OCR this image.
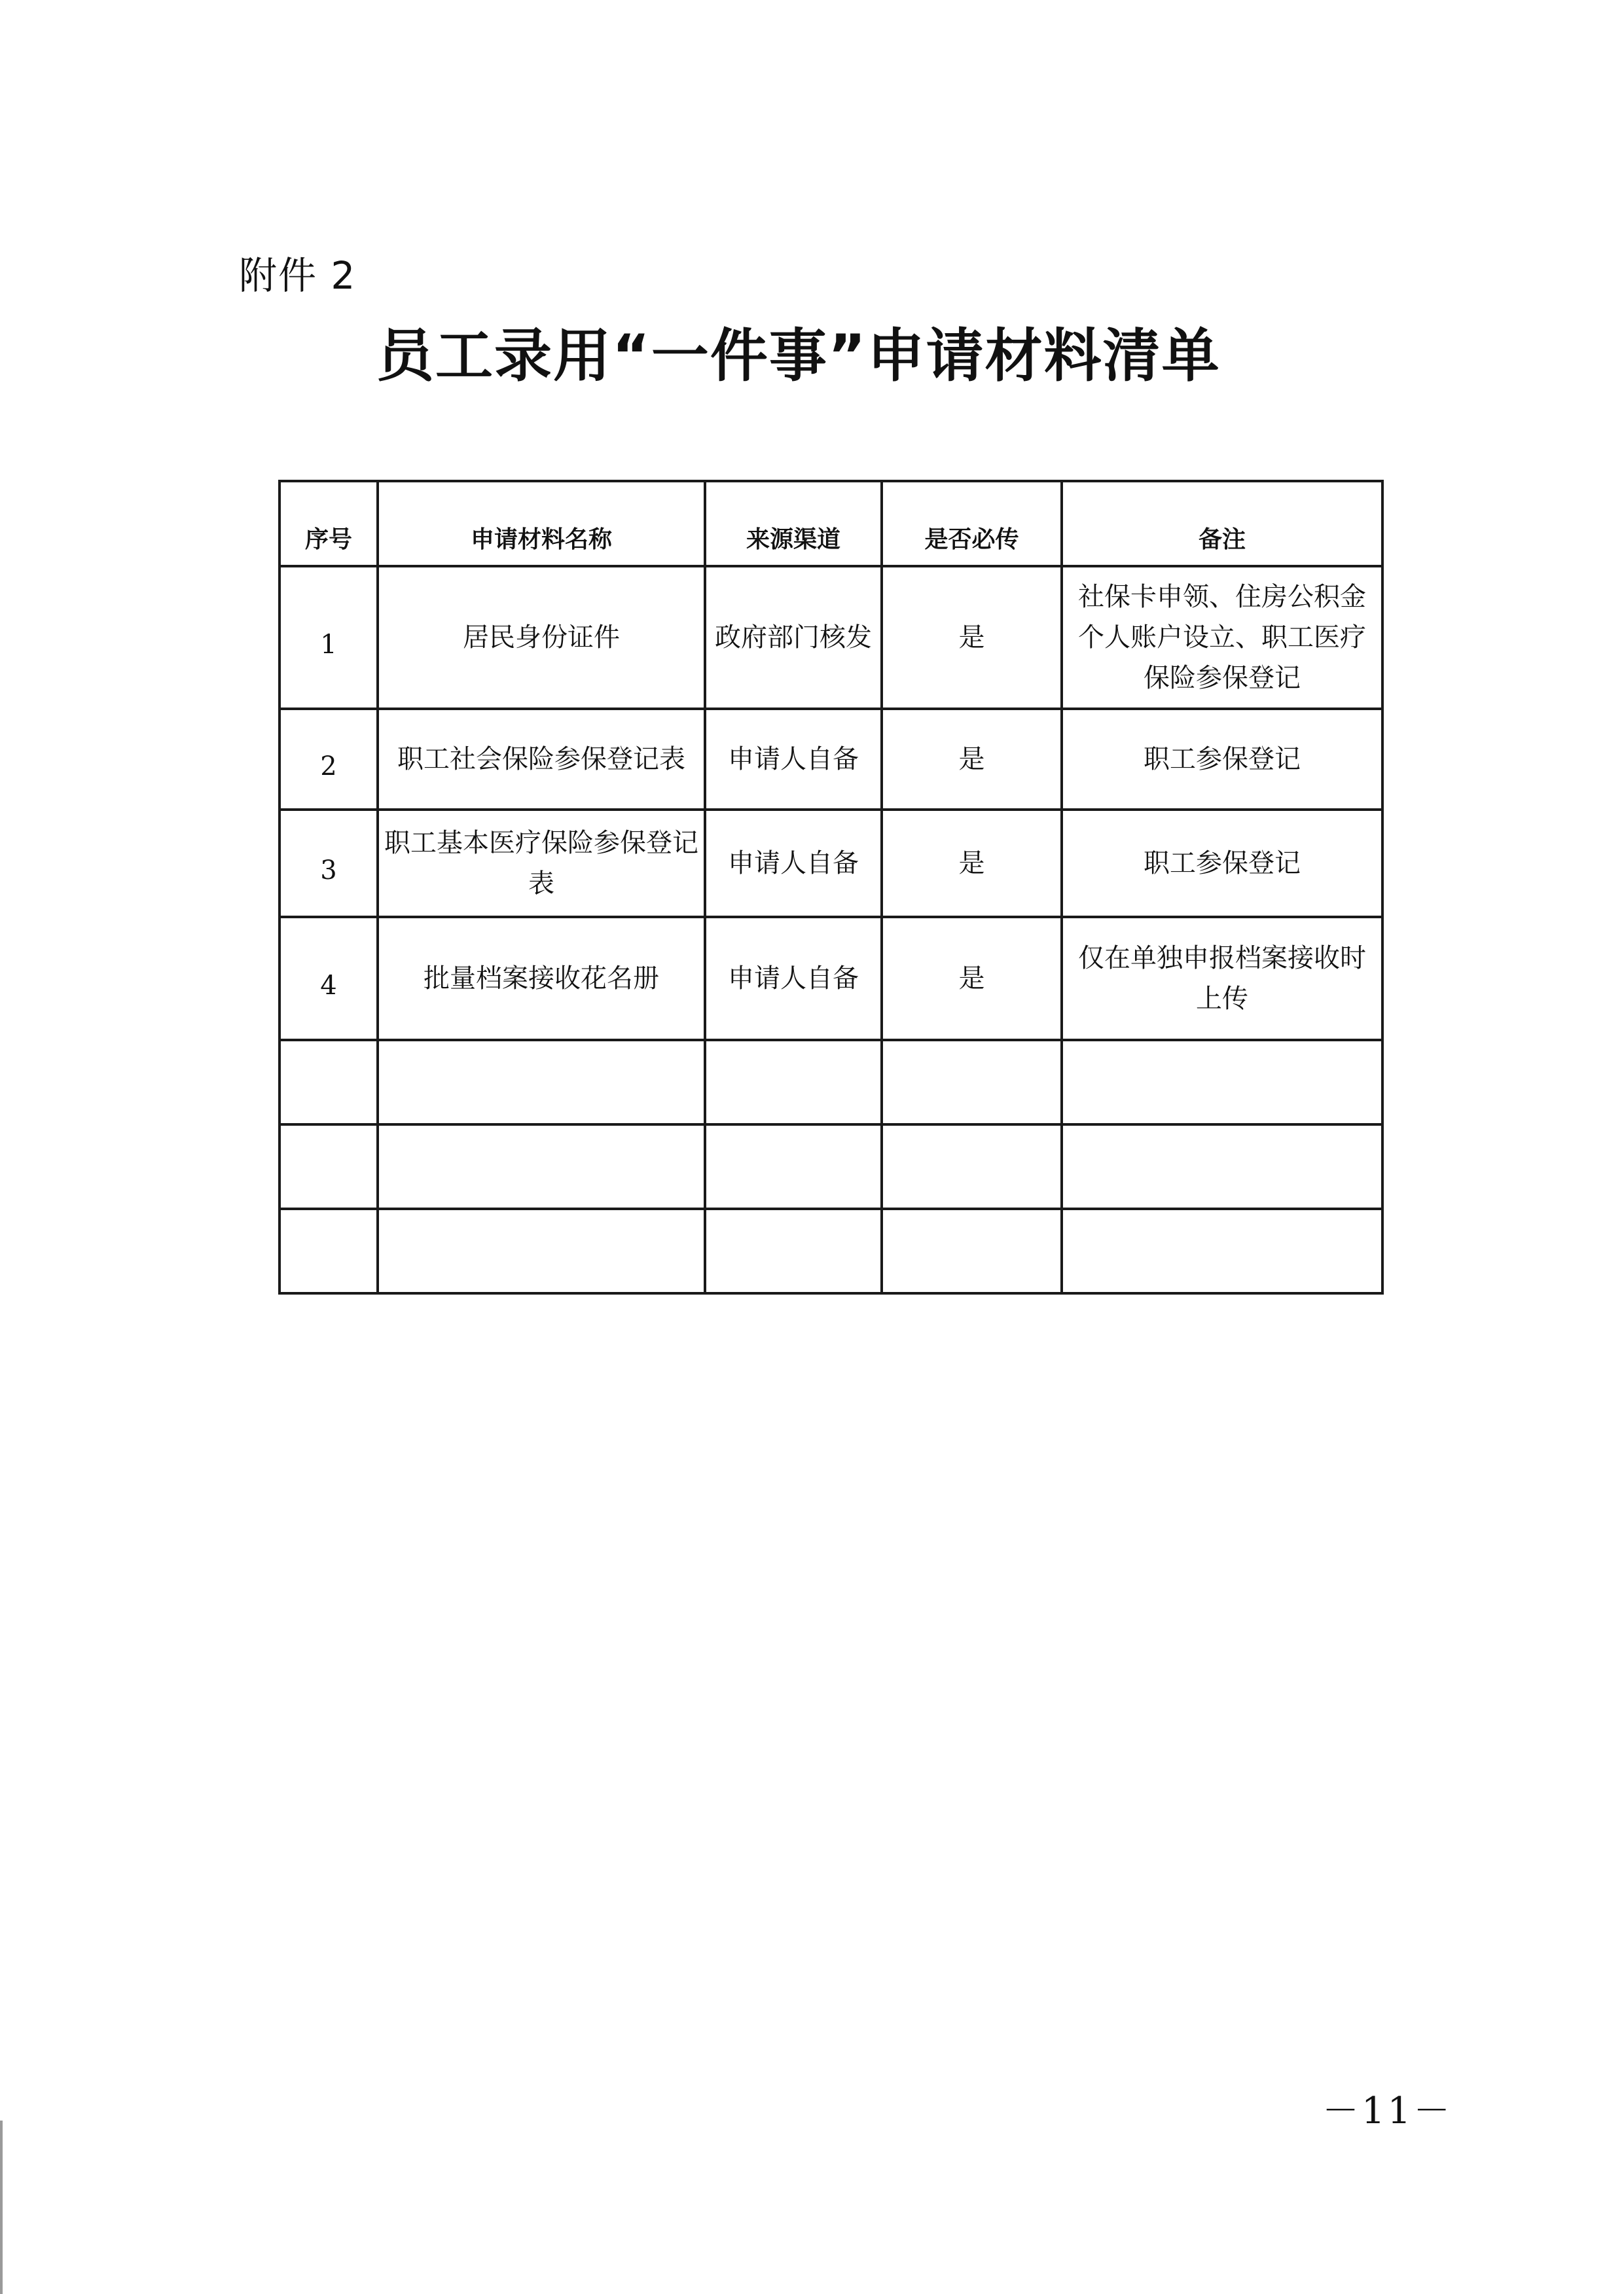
附件 2
员工录用“一件事”申请材料清单
序号	申请材料名称	来源渠道	是否必传	备注
1	居民身份证件	政府部门核发	是	社保卡申领、住房公积金个人账户设立、职工医疗保险参保登记
2	职工社会保险参保登记表	申请人自备	是	职工参保登记
3	职工基本医疗保险参保登记表	申请人自备	是	职工参保登记
4	批量档案接收花名册	申请人自备	是	仅在单独申报档案接收时上传

－11－
